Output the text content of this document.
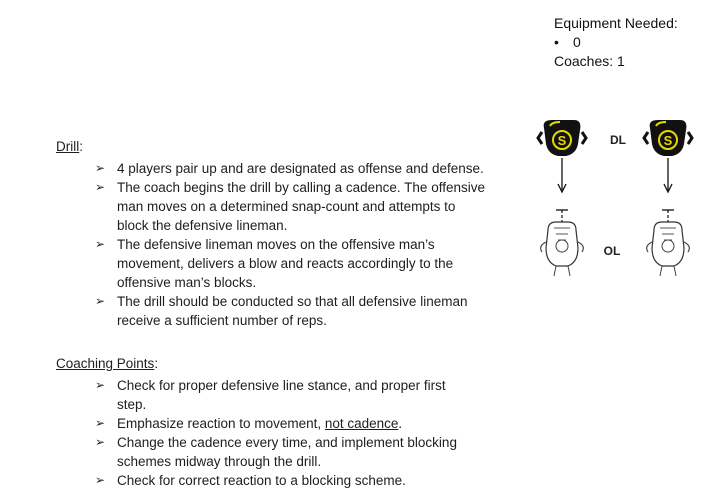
Equipment Needed:
•	0
Coaches: 1
Drill:
➢ 4 players pair up and are designated as offense and defense.
➢ The coach begins the drill by calling a cadence. The offensive man moves on a determined snap-count and attempts to block the defensive lineman.
➢ The defensive lineman moves on the offensive man’s movement, delivers a blow and reacts accordingly to the offensive man’s blocks.
➢ The drill should be conducted so that all defensive lineman receive a sufficient number of reps.
Coaching Points:
➢ Check for proper defensive line stance, and proper first step.
➢ Emphasize reaction to movement, not cadence.
➢ Change the cadence every time, and implement blocking schemes midway through the drill.
➢ Check for correct reaction to a blocking scheme.
S	DL
OL
S
